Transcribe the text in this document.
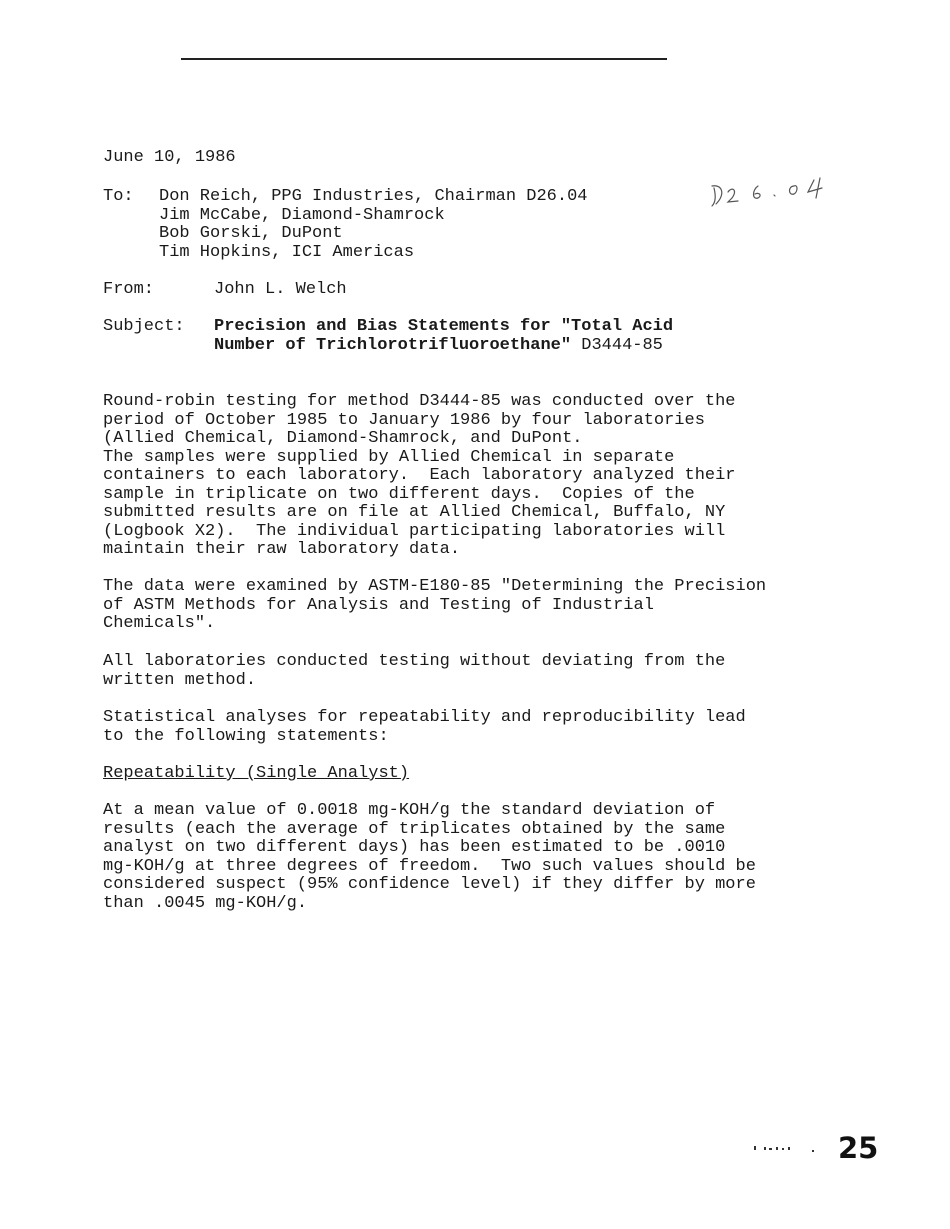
June 10, 1986
To: Don Reich, PPG Industries, Chairman D26.04
Jim McCabe, Diamond-Shamrock
Bob Gorski, DuPont
Tim Hopkins, ICI Americas
From:	John L. Welch
Subject: Precision and Bias Statements for "Total Acid
Number of Trichlorotrifluoroethane" D3444-85
Round-robin testing for method D3444-85 was conducted over the
period of October 1985 to January 1986 by four laboratories
(Allied Chemical, Diamond-Shamrock, and DuPont.
The samples were supplied by Allied Chemical in separate
containers to each laboratory.  Each laboratory analyzed their
sample in triplicate on two different days.  Copies of the
submitted results are on file at Allied Chemical, Buffalo, NY
(Logbook X2).  The individual participating laboratories will
maintain their raw laboratory data.
The data were examined by ASTM-E180-85 "Determining the Precision
of ASTM Methods for Analysis and Testing of Industrial
Chemicals".
All laboratories conducted testing without deviating from the
written method.
Statistical analyses for repeatability and reproducibility lead
to the following statements:
Repeatability (Single Analyst)
At a mean value of 0.0018 mg-KOH/g the standard deviation of
results (each the average of triplicates obtained by the same
analyst on two different days) has been estimated to be .0010
mg-KOH/g at three degrees of freedom.  Two such values should be
considered suspect (95% confidence level) if they differ by more
than .0045 mg-KOH/g.
25
